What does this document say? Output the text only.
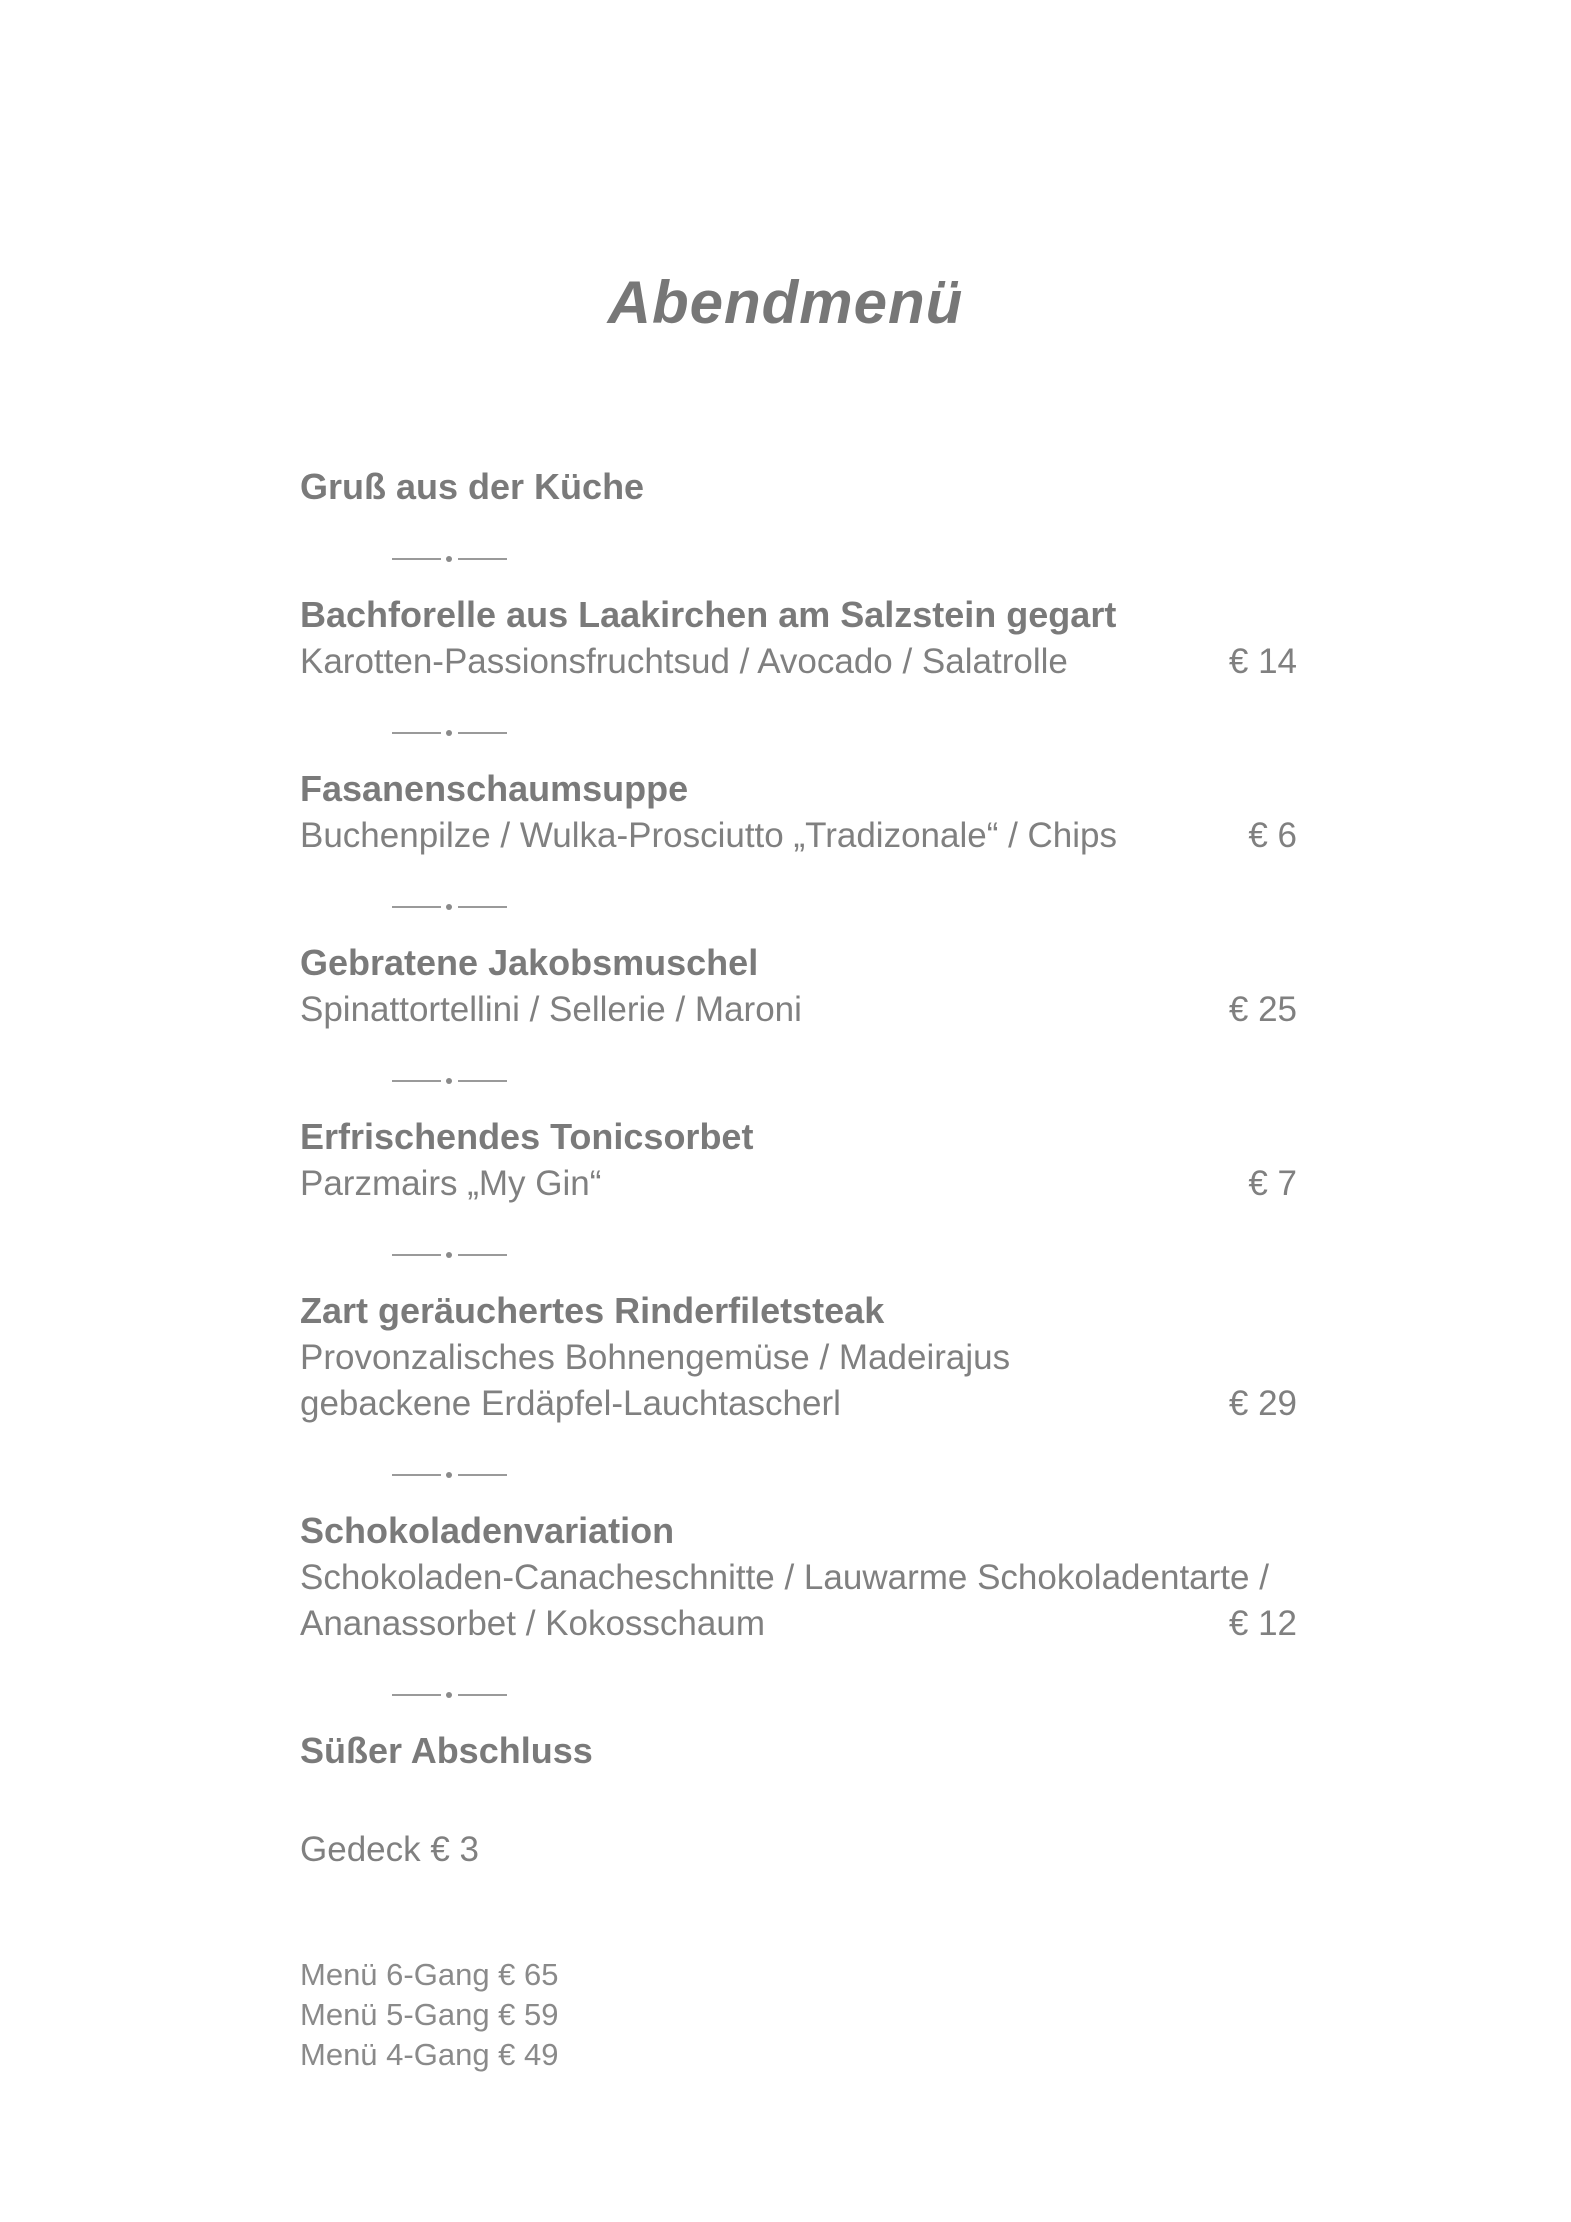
Abendmenü
Gruß aus der Küche
Bachforelle aus Laakirchen am Salzstein gegart
Karotten-Passionsfruchtsud / Avocado / Salatrolle	€ 14
Fasanenschaumsuppe
Buchenpilze / Wulka-Prosciutto „Tradizonale“ / Chips	€ 6
Gebratene Jakobsmuschel
Spinattortellini / Sellerie / Maroni	€ 25
Erfrischendes Tonicsorbet
Parzmairs „My Gin“	€ 7
Zart geräuchertes Rinderfiletsteak
Provonzalisches Bohnengemüse / Madeirajus
gebackene Erdäpfel-Lauchtascherl	€ 29
Schokoladenvariation
Schokoladen-Canacheschnitte / Lauwarme Schokoladentarte /
Ananassorbet / Kokosschaum	€ 12
Süßer Abschluss
Gedeck € 3
Menü 6-Gang € 65
Menü 5-Gang € 59
Menü 4-Gang € 49
